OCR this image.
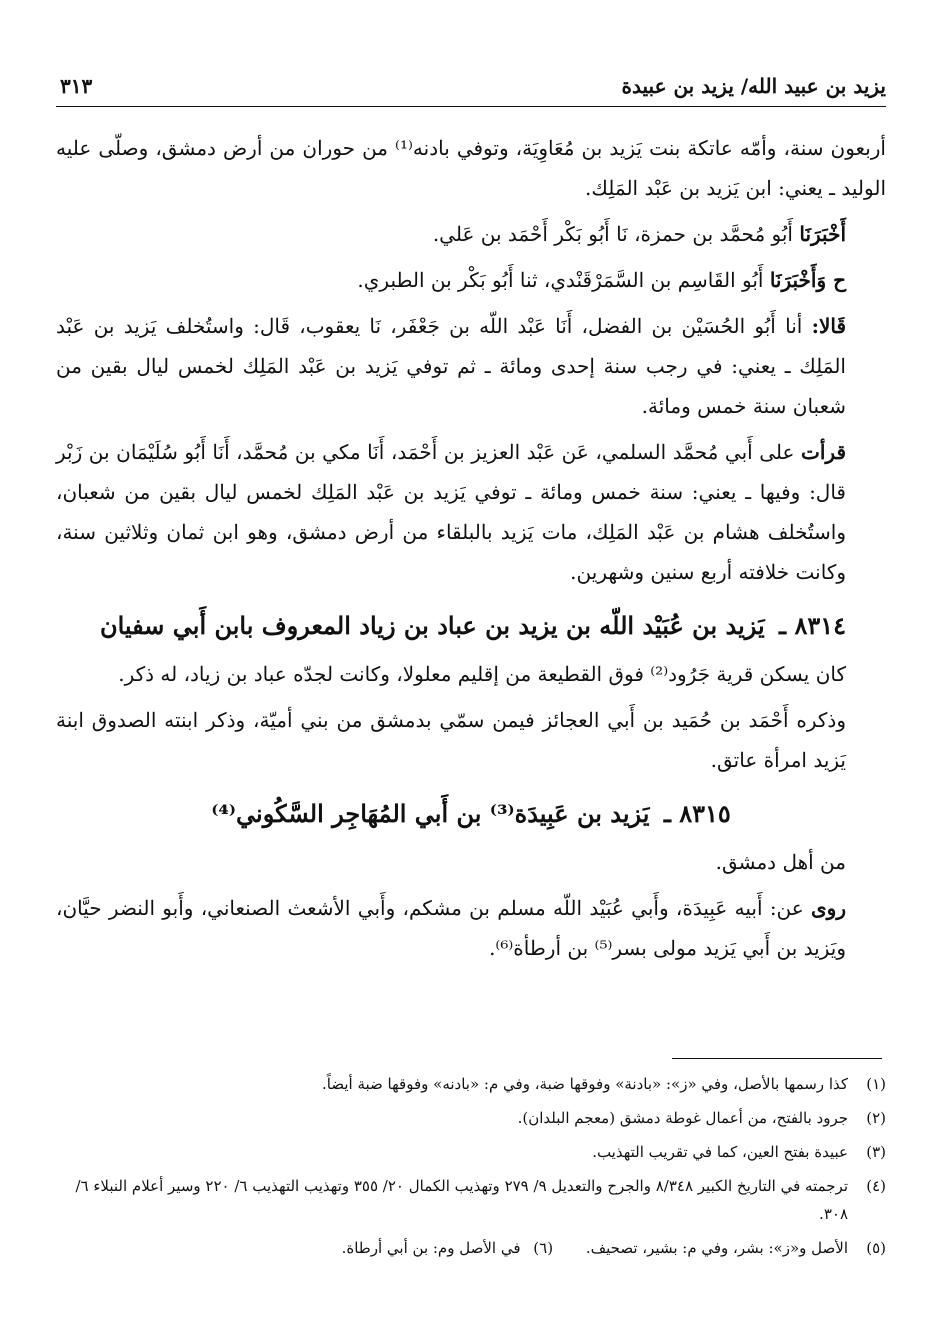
يزيد بن عبيد الله/ يزيد بن عبيدة
٣١٣

أربعون سنة، وأمّه عاتكة بنت يَزيد بن مُعَاوِيَة، وتوفي بادنه⁽¹⁾ من حوران من أرض دمشق، وصلّى عليه الوليد ـ يعني: ابن يَزيد بن عَبْد المَلِك.

أَخْبَرَنَا أَبُو مُحمَّد بن حمزة، نَا أَبُو بَكْر أَحْمَد بن عَلي.

ح وَأَخْبَرَنَا أَبُو القَاسِم بن السَّمَرْقَنْدي، ثنا أَبُو بَكْر بن الطبري.

قَالا: أنا أَبُو الحُسَيْن بن الفضل، أَنَا عَبْد اللّه بن جَعْفَر، نَا يعقوب، قَال: واستُخلف يَزيد بن عَبْد المَلِك ـ يعني: في رجب سنة إحدى ومائة ـ ثم توفي يَزيد بن عَبْد المَلِك لخمس ليال بقين من شعبان سنة خمس ومائة.

قرأت على أَبي مُحمَّد السلمي، عَن عَبْد العزيز بن أَحْمَد، أَنَا مكي بن مُحمَّد، أَنَا أَبُو سُلَيْمَان بن زَبْر قال: وفيها ـ يعني: سنة خمس ومائة ـ توفي يَزيد بن عَبْد المَلِك لخمس ليال بقين من شعبان، واستُخلف هشام بن عَبْد المَلِك، مات يَزيد بالبلقاء من أرض دمشق، وهو ابن ثمان وثلاثين سنة، وكانت خلافته أربع سنين وشهرين.

٨٣١٤ ـ يَزيد بن عُبَيْد اللّه بن يزيد بن عباد بن زياد المعروف بابن أَبي سفيان

كان يسكن قرية جَرُود⁽²⁾ فوق القطيعة من إقليم معلولا، وكانت لجدّه عباد بن زياد، له ذكر.

وذكره أَحْمَد بن حُمَيد بن أَبي العجائز فيمن سمّي بدمشق من بني أميّة، وذكر ابنته الصدوق ابنة يَزيد امرأة عاتق.

٨٣١٥ ـ يَزيد بن عَبِيدَة⁽³⁾ بن أَبي المُهَاجِر السَّكُوني⁽⁴⁾

من أهل دمشق.

روى عن: أَبيه عَبِيدَة، وأَبي عُبَيْد اللّه مسلم بن مشكم، وأَبي الأشعث الصنعاني، وأَبو النضر حيَّان، ويَزيد بن أَبي يَزيد مولى بسر⁽⁵⁾ بن أرطأة⁽⁶⁾.

(١)
كذا رسمها بالأصل، وفي «ز»: «بادنة» وفوقها ضبة، وفي م: «بادنه» وفوقها ضبة أيضاً.

(٢)
جرود بالفتح، من أعمال غوطة دمشق (معجم البلدان).

(٣)
عبيدة بفتح العين، كما في تقريب التهذيب.

(٤)
ترجمته في التاريخ الكبير ٨/٣٤٨ والجرح والتعديل ٩/ ٢٧٩ وتهذيب الكمال ٢٠/ ٣٥٥ وتهذيب التهذيب ٦/ ٢٢٠ وسير أعلام النبلاء ٦/ ٣٠٨.

(٥)
الأصل و«ز»: بشر، وفي م: بشير، تصحيف. (٦) في الأصل وم: بن أبي أرطاة.
